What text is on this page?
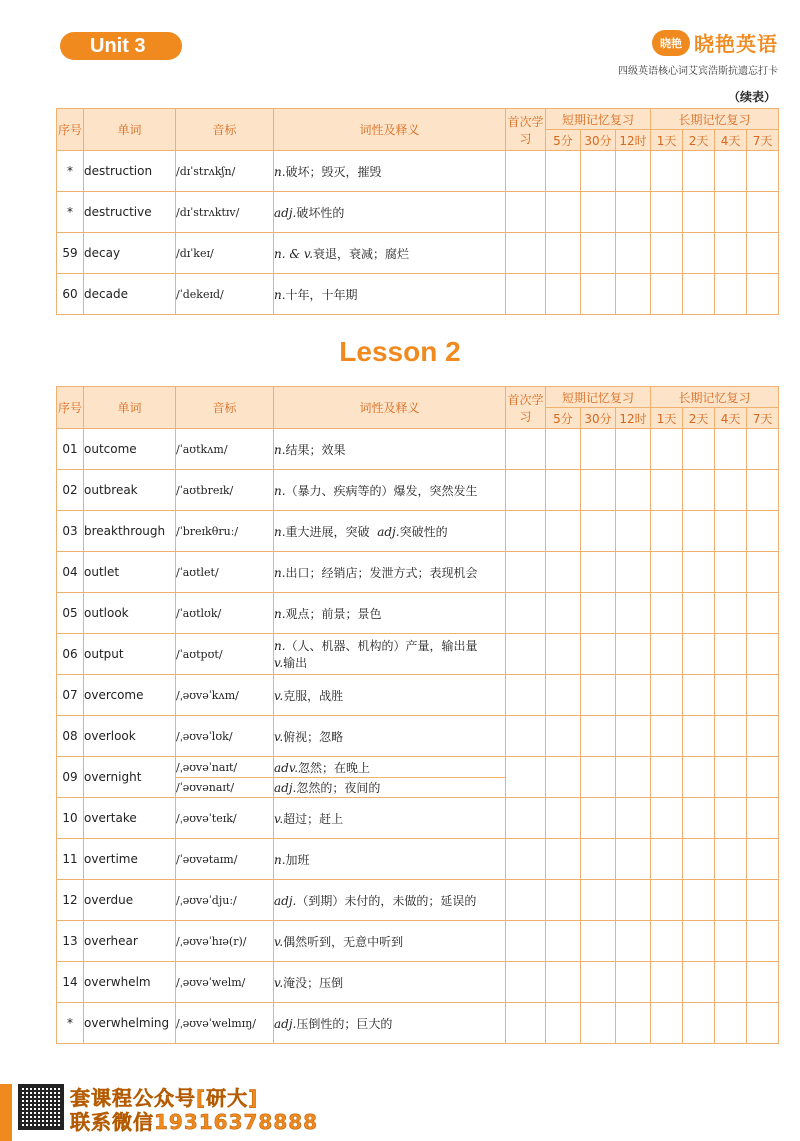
Unit 3	晓艳 晓艳英语
四级英语核心词艾宾浩斯抗遗忘打卡
（续表）
序号	单词	音标	词性及释义	首次学习	短期记忆复习			长期记忆复习			
					5分	30分	12时	1天	2天	4天	7天
*	destruction	/dɪˈstrʌkʃn/	n.破坏；毁灭，摧毁								
*	destructive	/dɪˈstrʌktɪv/	adj.破坏性的								
59	decay	/dɪˈkeɪ/	n. & v.衰退，衰减；腐烂								
60	decade	/ˈdekeɪd/	n.十年，十年期								
Lesson 2
序号	单词	音标	词性及释义	首次学习	短期记忆复习			长期记忆复习			
					5分	30分	12时	1天	2天	4天	7天
01	outcome	/ˈaʊtkʌm/	n.结果；效果								
02	outbreak	/ˈaʊtbreɪk/	n.（暴力、疾病等的）爆发，突然发生								
03	breakthrough	/ˈbreɪkθruː/	n.重大进展，突破 adj.突破性的								
04	outlet	/ˈaʊtlet/	n.出口；经销店；发泄方式；表现机会								
05	outlook	/ˈaʊtlʊk/	n.观点；前景；景色								
06	output	/ˈaʊtpʊt/	n.（人、机器、机构的）产量，输出量
v.输出								
07	overcome	/ˌəʊvəˈkʌm/	v.克服，战胜								
08	overlook	/ˌəʊvəˈlʊk/	v.俯视；忽略								
09	overnight	/ˌəʊvəˈnaɪt/	adv.忽然；在晚上								
		/ˈəʊvənaɪt/	adj.忽然的；夜间的								
10	overtake	/ˌəʊvəˈteɪk/	v.超过；赶上								
11	overtime	/ˈəʊvətaɪm/	n.加班								
12	overdue	/ˌəʊvəˈdjuː/	adj.（到期）未付的，未做的；延误的								
13	overhear	/ˌəʊvəˈhɪə(r)/	v.偶然听到，无意中听到								
14	overwhelm	/ˌəʊvəˈwelm/	v.淹没；压倒								
*	overwhelming	/ˌəʊvəˈwelmɪŋ/	adj.压倒性的；巨大的								
套课程公众号[研大]
联系微信19316378888
